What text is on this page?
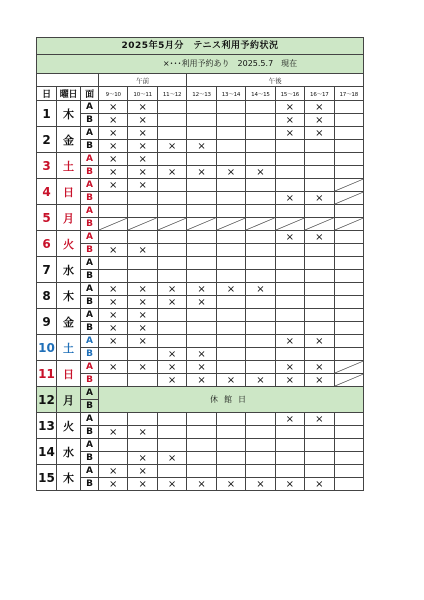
2025年5月分　テニス利用予約状況
×･･･利用予約あり　2025.5.7　現在
			午前			午後					
日	曜日	面	9～10	10～11	11～12	12～13	13～14	14～15	15～16	16～17	17～18
1	木	A	×	×					×	×	
		B	×	×					×	×	
2	金	A	×	×					×	×	
		B	×	×	×	×					
3	土	A	×	×							
		B	×	×	×	×	×	×			
4	日	A	×	×							

		B							×	×	

5	月	A									
		B	

6	火	A							×	×	
		B	×	×							
7	水	A									
		B									
8	木	A	×	×	×	×	×	×			
		B	×	×	×	×					
9	金	A	×	×							
		B	×	×							
10	土	A	×	×					×	×	
		B			×	×					
11	日	A	×	×	×	×			×	×	

		B			×	×	×	×	×	×	

12	月	A	休館日								
		B									
13	火	A							×	×	
		B	×	×							
14	水	A									
		B		×	×						
15	木	A	×	×							
		B	×	×	×	×	×	×	×	×	
